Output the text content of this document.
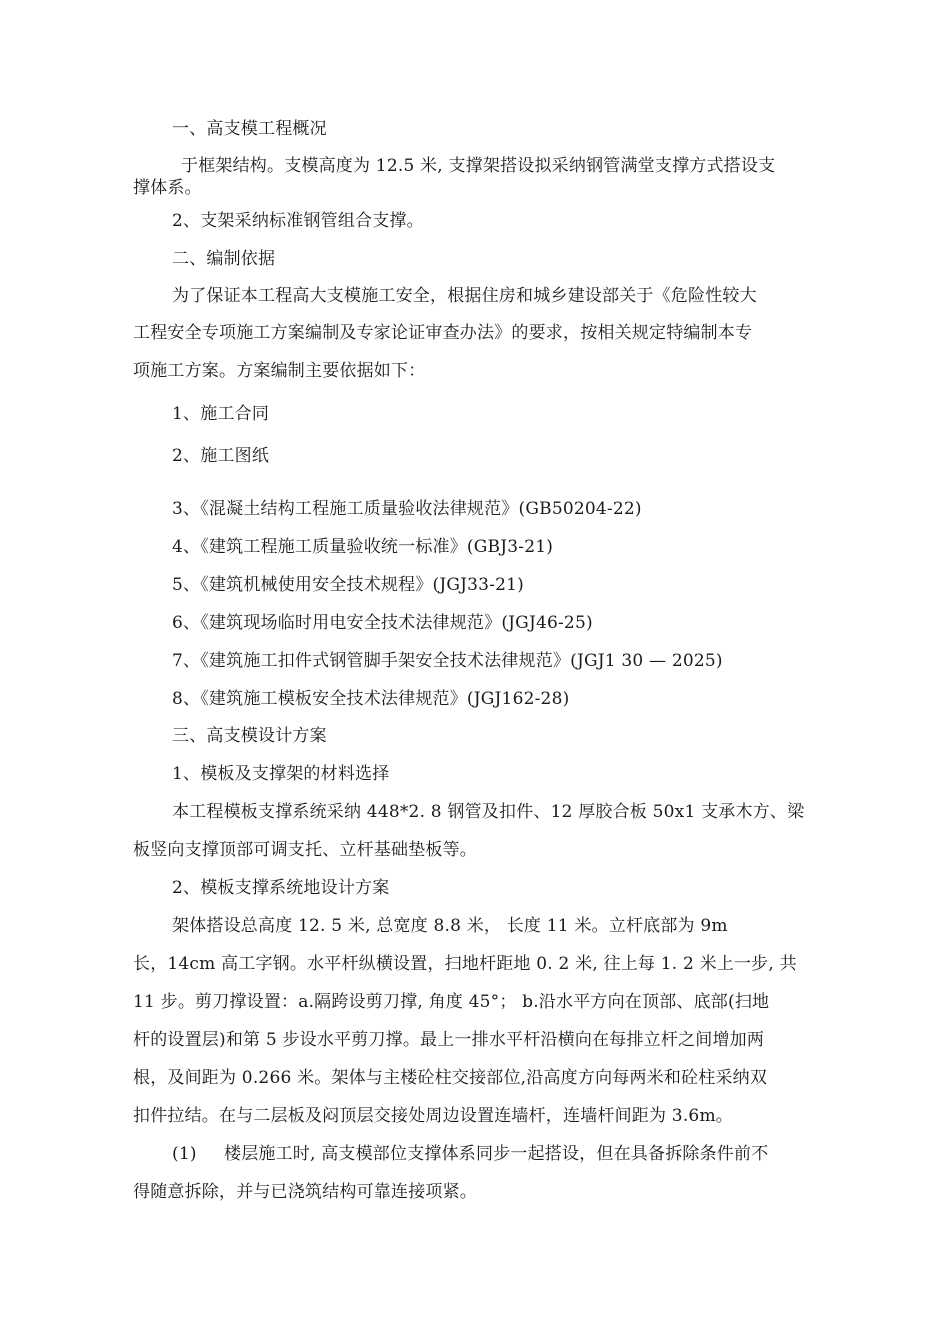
一、高支模工程概况
于框架结构。支模高度为 12.5 米, 支撑架搭设拟采纳钢管满堂支撑方式搭设支
撑体系。
2、支架采纳标准钢管组合支撑。
二、编制依据
为了保证本工程高大支模施工安全，根据住房和城乡建设部关于《危险性较大
工程安全专项施工方案编制及专家论证审查办法》的要求，按相关规定特编制本专
项施工方案。方案编制主要依据如下：
1、施工合同
2、施工图纸
3、《混凝土结构工程施工质量验收法律规范》(GB50204-22)
4、《建筑工程施工质量验收统一标准》(GBJ3-21)
5、《建筑机械使用安全技术规程》(JGJ33-21)
6、《建筑现场临时用电安全技术法律规范》(JGJ46-25)
7、《建筑施工扣件式钢管脚手架安全技术法律规范》(JGJ1 30 — 2025)
8、《建筑施工模板安全技术法律规范》(JGJ162-28)
三、高支模设计方案
1、模板及支撑架的材料选择
本工程模板支撑系统采纳 448*2. 8 钢管及扣件、12 厚胶合板 50x1 支承木方、梁
板竖向支撑顶部可调支托、立杆基础垫板等。
2、模板支撑系统地设计方案
架体搭设总高度 12. 5 米, 总宽度 8.8 米， 长度 11 米。立杆底部为 9m
长，14cm 高工字钢。水平杆纵横设置，扫地杆距地 0. 2 米, 往上每 1. 2 米上一步, 共
11 步。剪刀撑设置：a.隔跨设剪刀撑, 角度 45°； b.沿水平方向在顶部、底部(扫地
杆的设置层)和第 5 步设水平剪刀撑。最上一排水平杆沿横向在每排立杆之间增加两
根，及间距为 0.266 米。架体与主楼砼柱交接部位,沿高度方向每两米和砼柱采纳双
扣件拉结。在与二层板及闷顶层交接处周边设置连墙杆，连墙杆间距为 3.6m。
(1) 楼层施工时, 高支模部位支撑体系同步一起搭设，但在具备拆除条件前不
得随意拆除，并与已浇筑结构可靠连接项紧。
